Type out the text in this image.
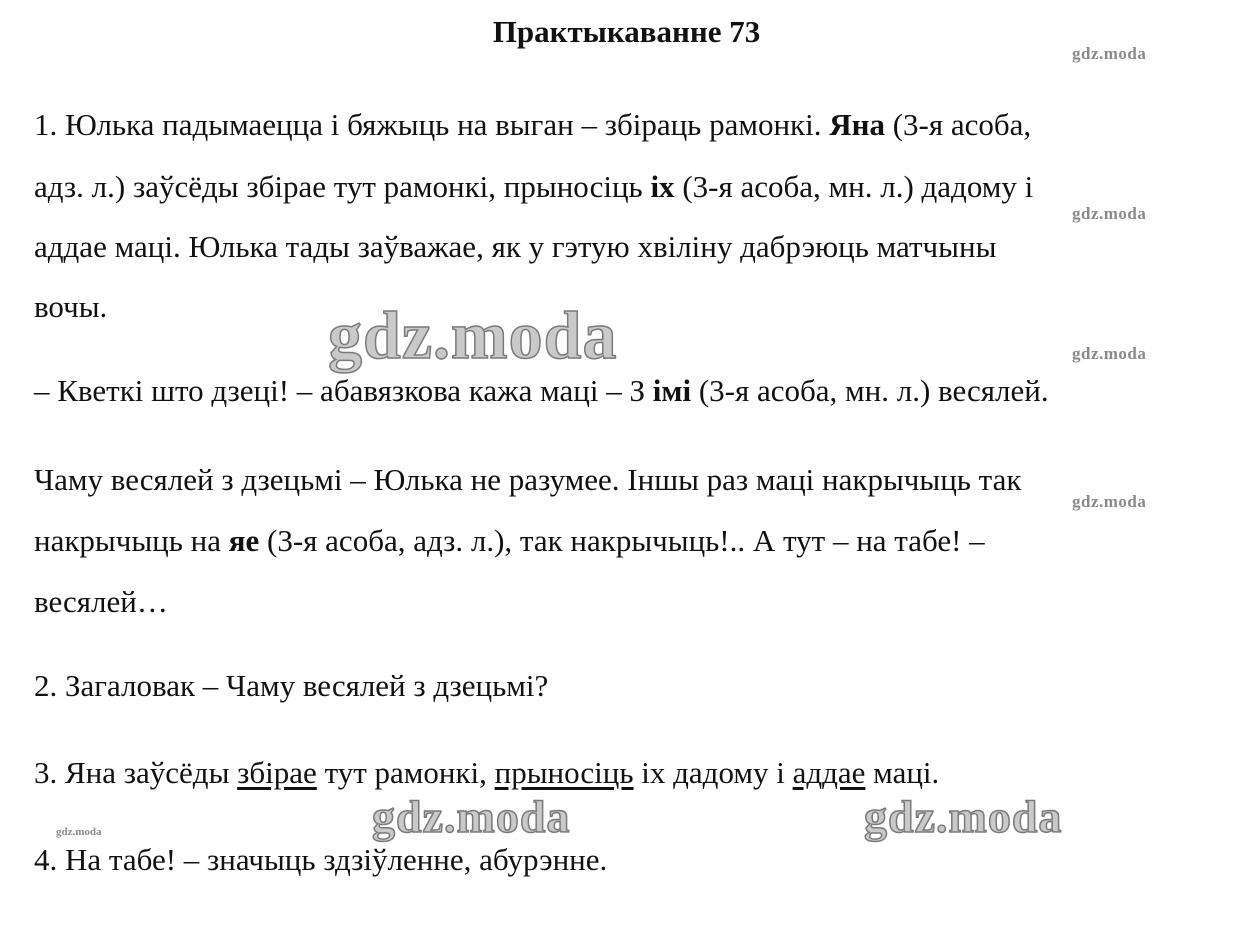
Практыкаванне 73
1. Юлька падымаецца і бяжыць на выган – збіраць рамонкі. Яна (3-я асоба,
адз. л.) заўсёды збірае тут рамонкі, прыносіць іх (3-я асоба, мн. л.) дадому і
аддае маці. Юлька тады заўважае, як у гэтую хвіліну дабрэюць матчыны
вочы.
– Кветкі што дзеці! – абавязкова кажа маці – З імі (3-я асоба, мн. л.) весялей.
Чаму весялей з дзецьмі – Юлька не разумее. Іншы раз маці накрычыць так
накрычыць на яе (3-я асоба, адз. л.), так накрычыць!.. А тут – на табе! –
весялей…
2. Загаловак – Чаму весялей з дзецьмі?
3. Яна заўсёды збірае тут рамонкі, прыносіць іх дадому і аддае маці.
4. На табе! – значыць здзіўленне, абурэнне.
gdz.moda
gdz.moda
gdz.moda
gdz.moda
gdz.moda
gdz.moda
gdz.moda	gdz.moda
